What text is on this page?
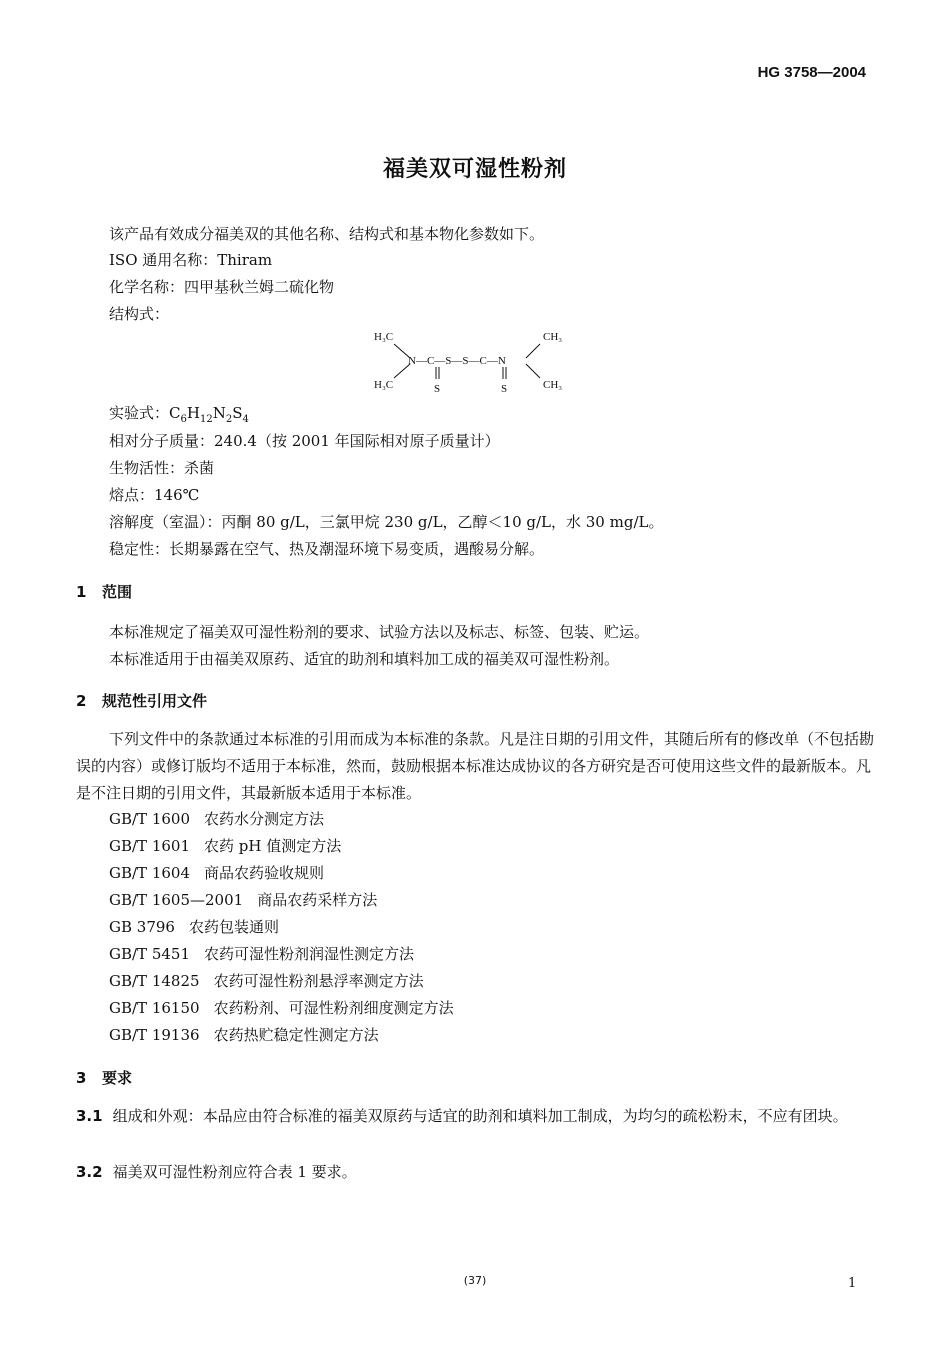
HG 3758—2004
福美双可湿性粉剂
该产品有效成分福美双的其他名称、结构式和基本物化参数如下。
ISO 通用名称：Thiram
化学名称：四甲基秋兰姆二硫化物
结构式：
H₃C
H₃C
CH₃
CH₃
N—C—S—S—C—N
S	S
实验式：$C_6H_{12}N_2S_4$
相对分子质量：240.4（按 2001 年国际相对原子质量计）
生物活性：杀菌
熔点：146℃
溶解度（室温）：丙酮 80 g/L，三氯甲烷 230 g/L，乙醇＜10 g/L，水 30 mg/L。
稳定性：长期暴露在空气、热及潮湿环境下易变质，遇酸易分解。
1 范围
本标准规定了福美双可湿性粉剂的要求、试验方法以及标志、标签、包装、贮运。
本标准适用于由福美双原药、适宜的助剂和填料加工成的福美双可湿性粉剂。
2 规范性引用文件
下列文件中的条款通过本标准的引用而成为本标准的条款。凡是注日期的引用文件，其随后所有的修改单（不包括勘误的内容）或修订版均不适用于本标准，然而，鼓励根据本标准达成协议的各方研究是否可使用这些文件的最新版本。凡是不注日期的引用文件，其最新版本适用于本标准。
GB/T 1600 农药水分测定方法
GB/T 1601 农药 pH 值测定方法
GB/T 1604 商品农药验收规则
GB/T 1605—2001 商品农药采样方法
GB 3796 农药包装通则
GB/T 5451 农药可湿性粉剂润湿性测定方法
GB/T 14825 农药可湿性粉剂悬浮率测定方法
GB/T 16150 农药粉剂、可湿性粉剂细度测定方法
GB/T 19136 农药热贮稳定性测定方法
3 要求
3.1 组成和外观：本品应由符合标准的福美双原药与适宜的助剂和填料加工制成，为均匀的疏松粉末，不应有团块。
3.2 福美双可湿性粉剂应符合表 1 要求。
(37)	1
